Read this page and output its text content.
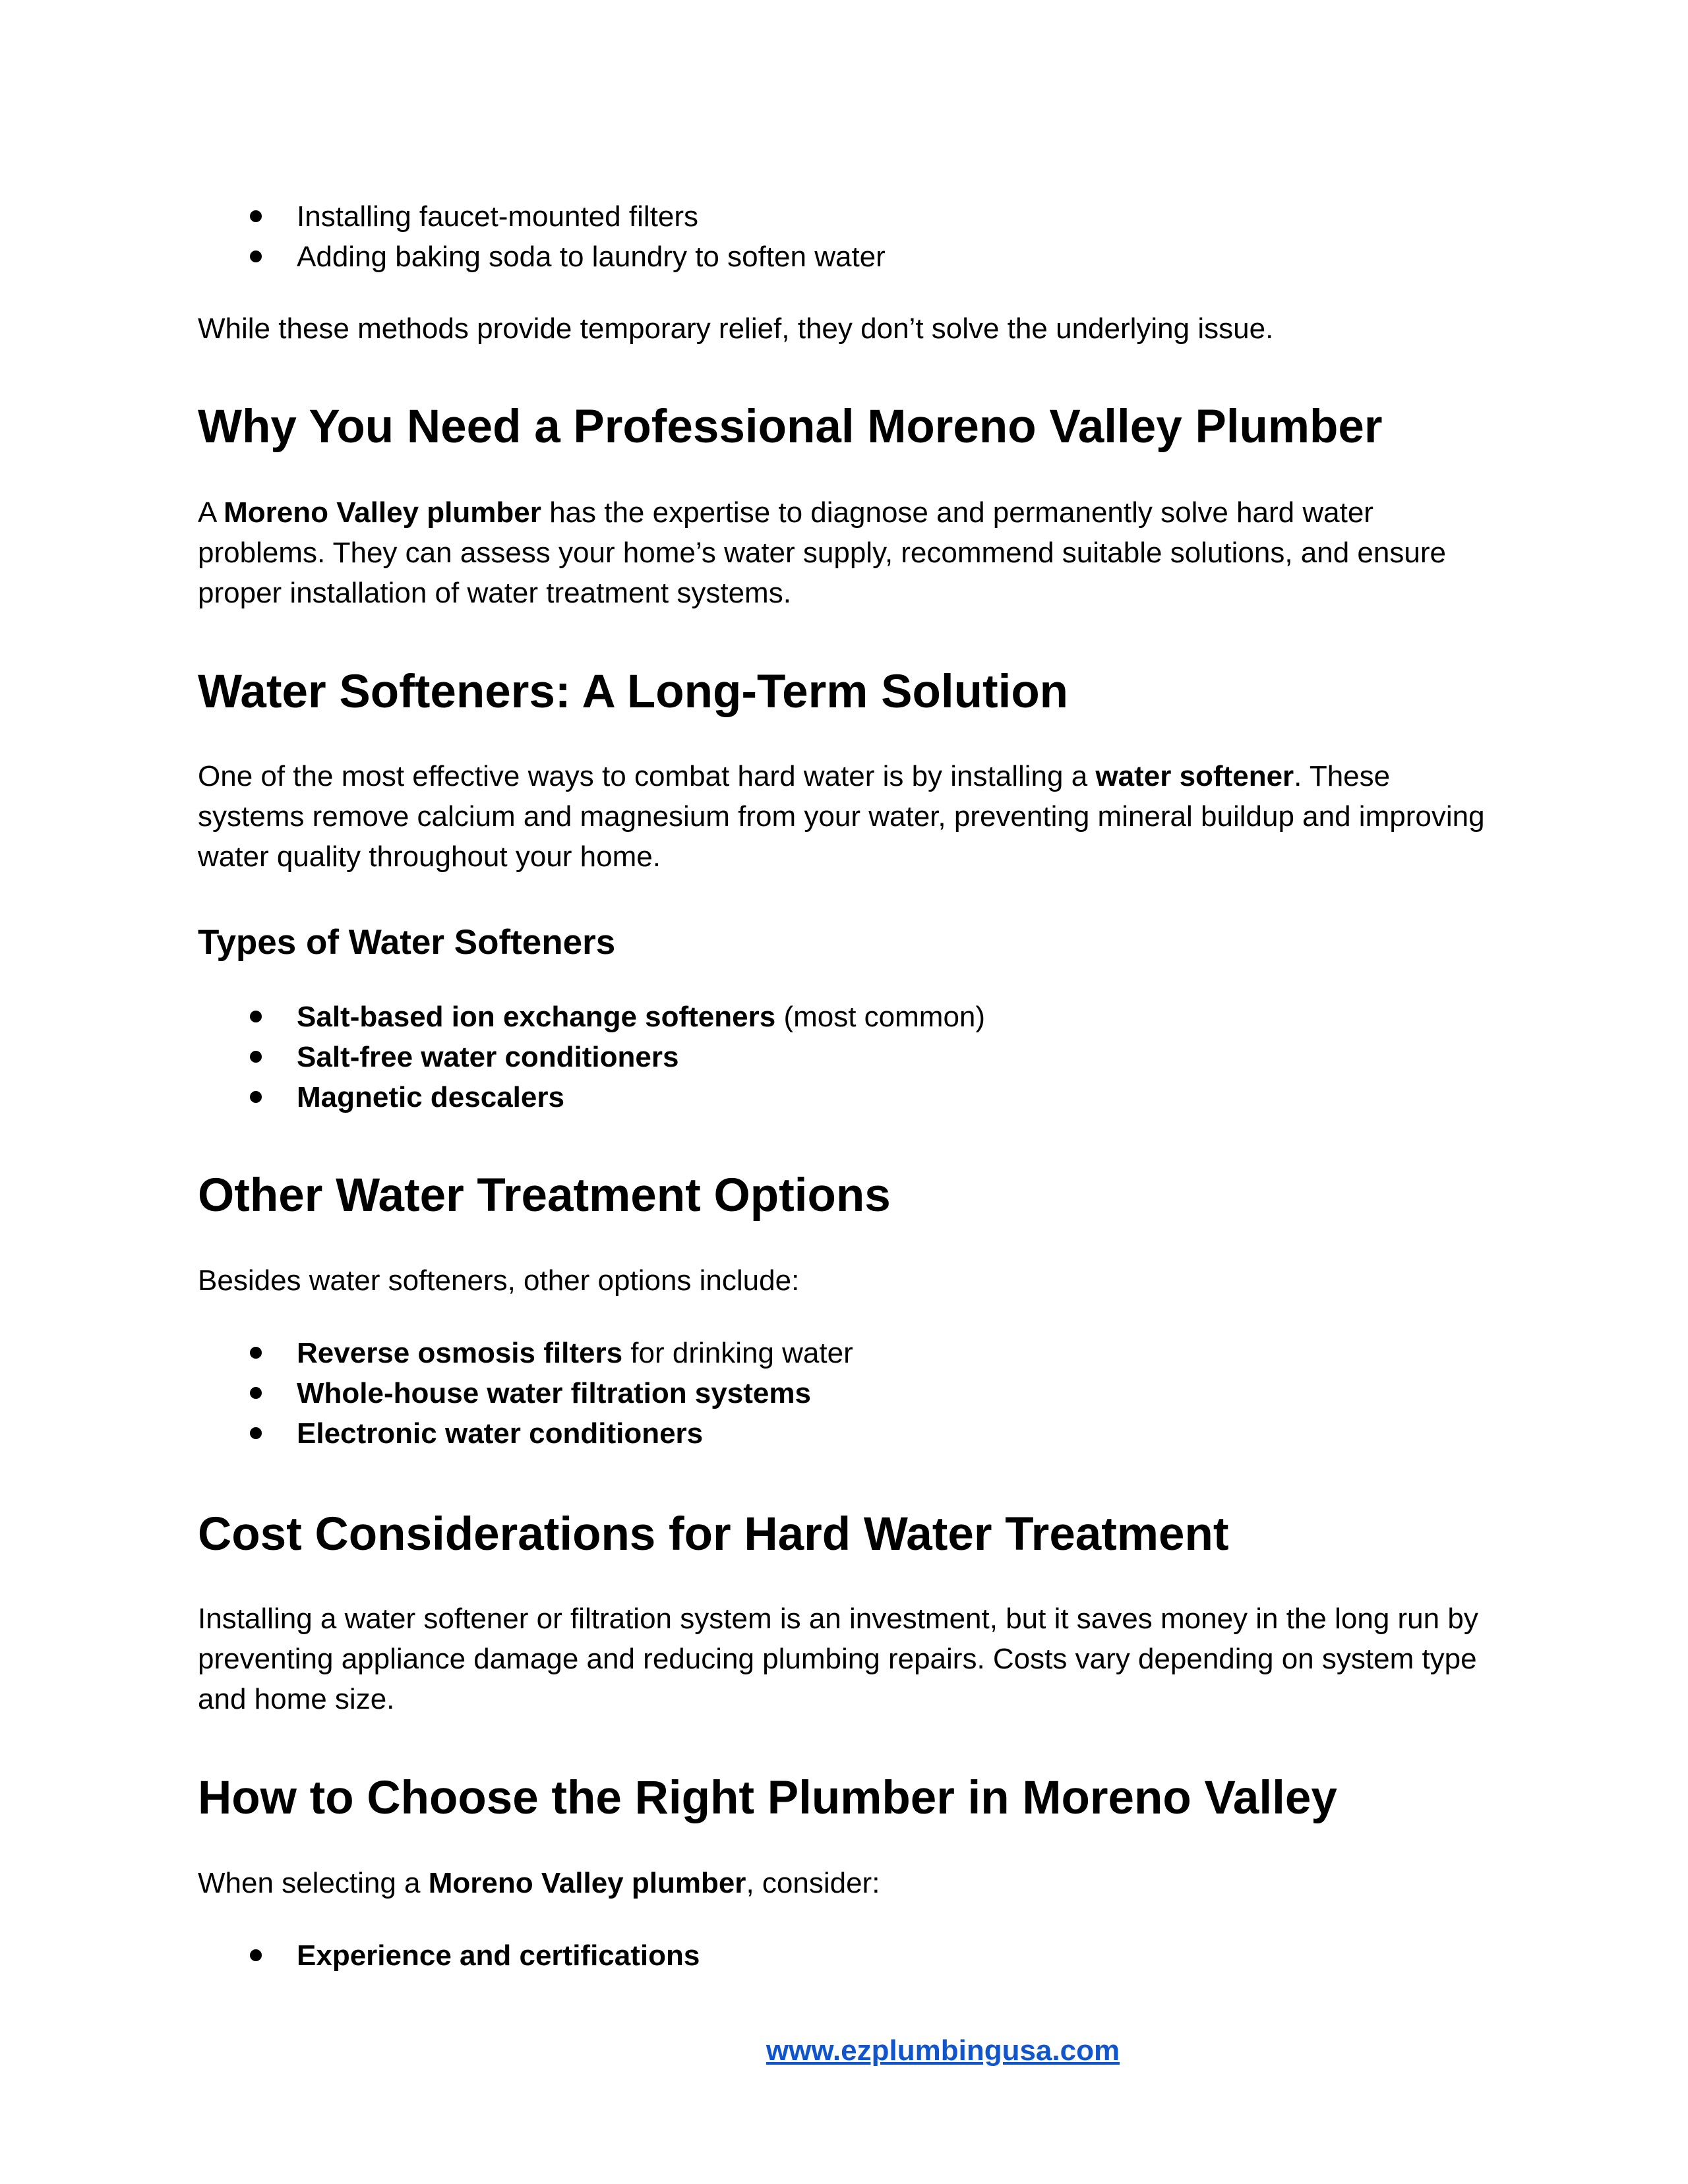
Installing faucet-mounted filters
Adding baking soda to laundry to soften water

While these methods provide temporary relief, they don’t solve the underlying issue.

Why You Need a Professional Moreno Valley Plumber

A Moreno Valley plumber has the expertise to diagnose and permanently solve hard water problems. They can assess your home’s water supply, recommend suitable solutions, and ensure proper installation of water treatment systems.

Water Softeners: A Long-Term Solution

One of the most effective ways to combat hard water is by installing a water softener. These systems remove calcium and magnesium from your water, preventing mineral buildup and improving water quality throughout your home.

Types of Water Softeners
Salt-based ion exchange softeners (most common)
Salt-free water conditioners
Magnetic descalers
Other Water Treatment Options

Besides water softeners, other options include:

Reverse osmosis filters for drinking water
Whole-house water filtration systems
Electronic water conditioners
Cost Considerations for Hard Water Treatment

Installing a water softener or filtration system is an investment, but it saves money in the long run by preventing appliance damage and reducing plumbing repairs. Costs vary depending on system type and home size.

How to Choose the Right Plumber in Moreno Valley

When selecting a Moreno Valley plumber, consider:

Experience and certifications
www.ezplumbingusa.com
